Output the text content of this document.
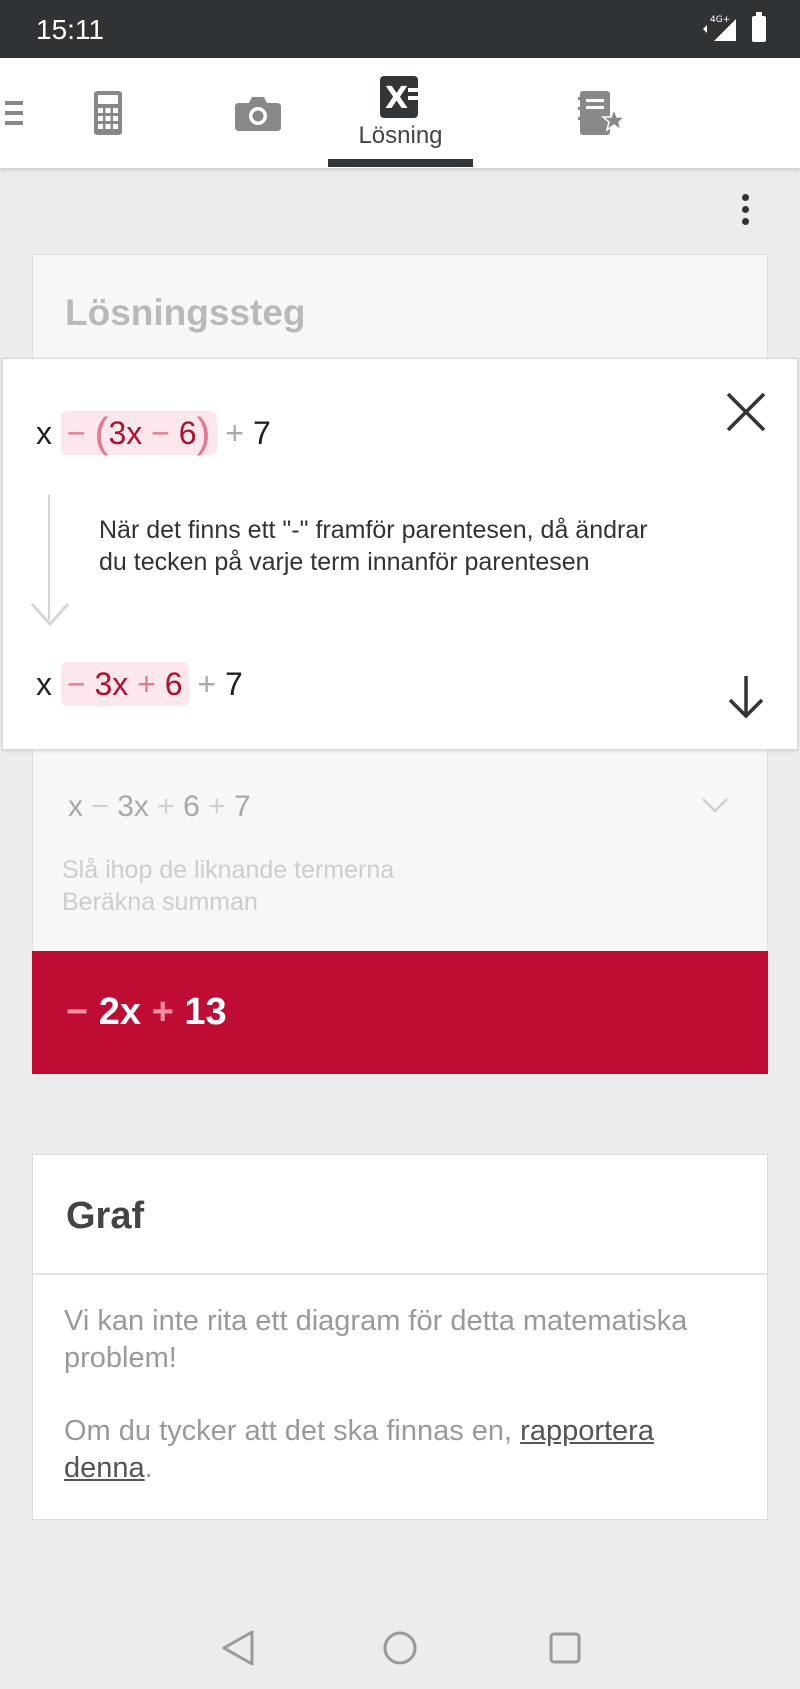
15:11	4G+
X
Lösning
Lösningssteg
x − (3x − 6) + 7
När det finns ett "-" framför parentesen, då ändrar du tecken på varje term innanför parentesen
x − 3x + 6 + 7
x − 3x + 6 + 7
Slå ihop de liknande termerna
Beräkna summan
− 2x + 13
Graf
Vi kan inte rita ett diagram för detta matematiska problem!
Om du tycker att det ska finnas en, rapportera denna.
